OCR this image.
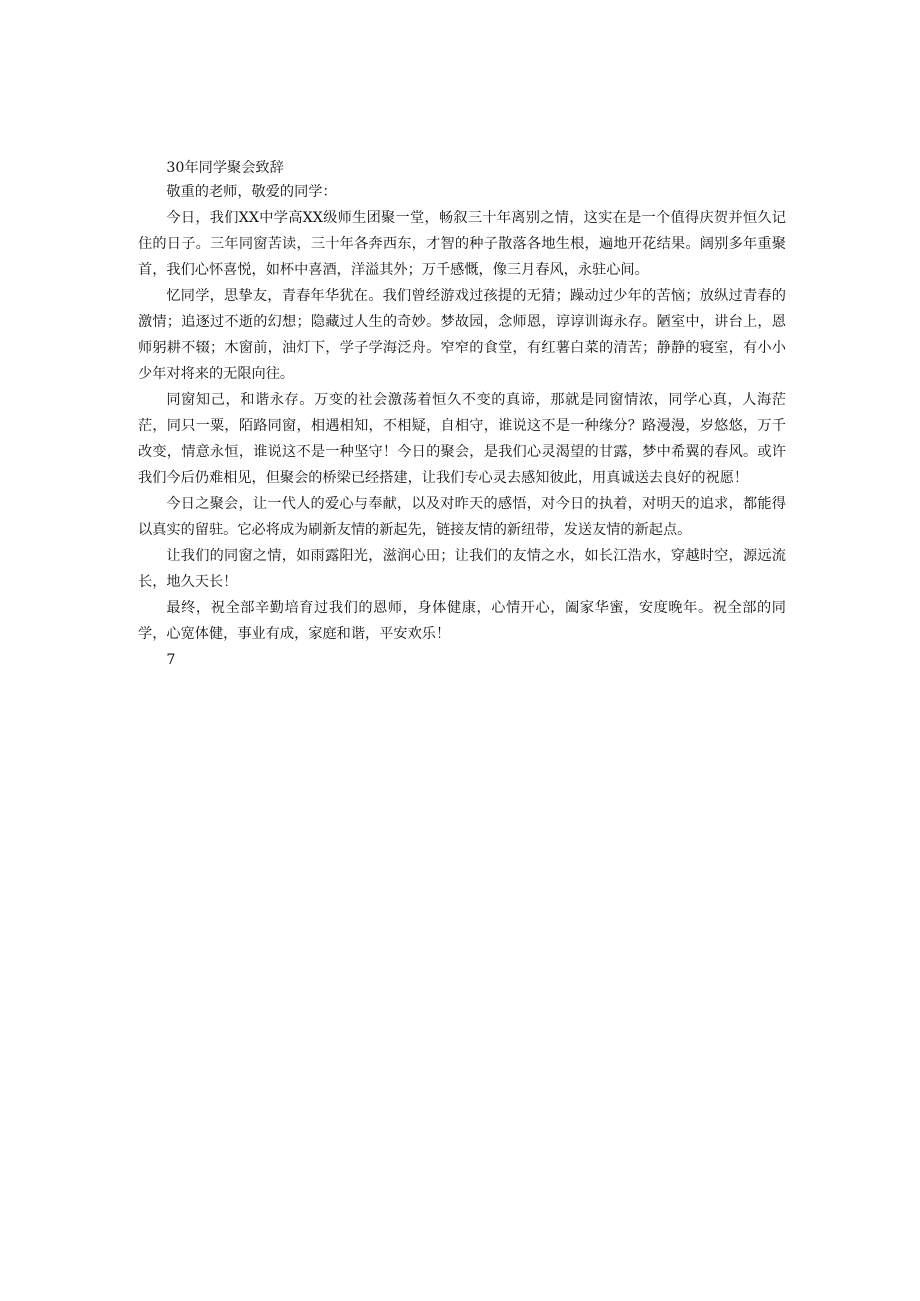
30年同学聚会致辞

敬重的老师，敬爱的同学：

今日，我们XX中学高XX级师生团聚一堂，畅叙三十年离别之情，这实在是一个值得庆贺并恒久记住的日子。三年同窗苦读，三十年各奔西东，才智的种子散落各地生根，遍地开花结果。阔别多年重聚首，我们心怀喜悦，如杯中喜酒，洋溢其外；万千感慨，像三月春风，永驻心间。

忆同学，思挚友，青春年华犹在。我们曾经游戏过孩提的无猜；躁动过少年的苦恼；放纵过青春的激情；追逐过不逝的幻想；隐藏过人生的奇妙。梦故园，念师恩，谆谆训诲永存。陋室中，讲台上，恩师躬耕不辍；木窗前，油灯下，学子学海泛舟。窄窄的食堂，有红薯白菜的清苦；静静的寝室，有小小少年对将来的无限向往。

同窗知己，和谐永存。万变的社会激荡着恒久不变的真谛，那就是同窗情浓，同学心真，人海茫茫，同只一粟，陌路同窗，相遇相知，不相疑，自相守，谁说这不是一种缘分？路漫漫，岁悠悠，万千改变，情意永恒，谁说这不是一种坚守！今日的聚会，是我们心灵渴望的甘露，梦中希翼的春风。或许我们今后仍难相见，但聚会的桥梁已经搭建，让我们专心灵去感知彼此，用真诚送去良好的祝愿！

今日之聚会，让一代人的爱心与奉献，以及对昨天的感悟，对今日的执着，对明天的追求，都能得以真实的留驻。它必将成为刷新友情的新起先，链接友情的新纽带，发送友情的新起点。

让我们的同窗之情，如雨露阳光，滋润心田；让我们的友情之水，如长江浩水，穿越时空，源远流长，地久天长！

最终，祝全部辛勤培育过我们的恩师，身体健康，心情开心，阖家华蜜，安度晚年。祝全部的同学，心宽体健，事业有成，家庭和谐，平安欢乐！

7
